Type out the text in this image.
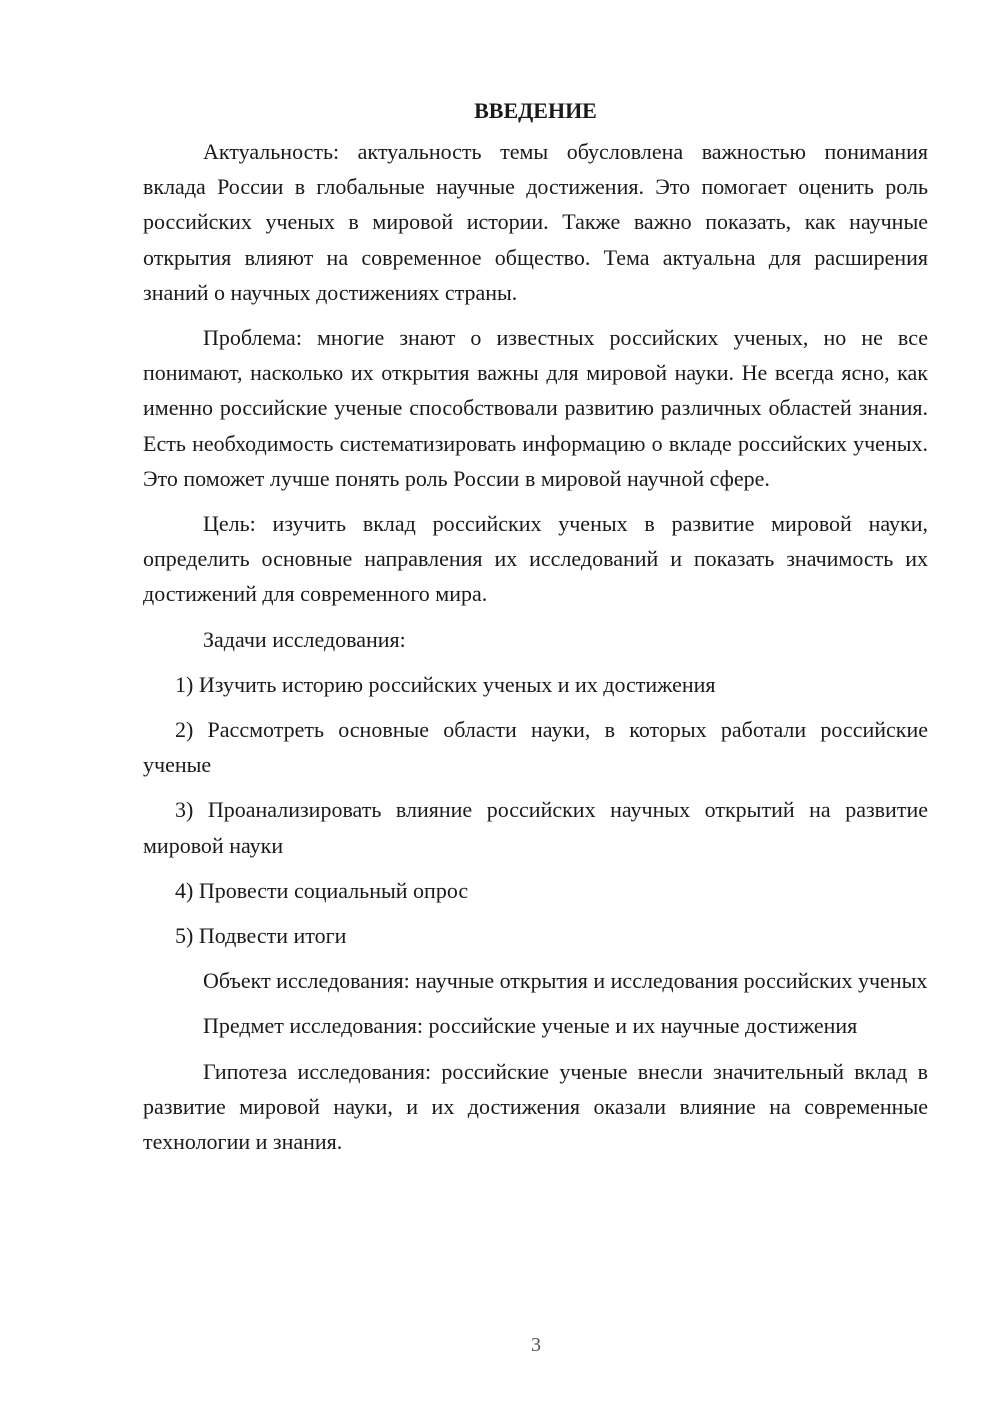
ВВЕДЕНИЕ

Актуальность: актуальность темы обусловлена важностью понимания вклада России в глобальные научные достижения. Это помогает оценить роль российских ученых в мировой истории. Также важно показать, как научные открытия влияют на современное общество. Тема актуальна для расширения знаний о научных достижениях страны.

Проблема: многие знают о известных российских ученых, но не все понимают, насколько их открытия важны для мировой науки. Не всегда ясно, как именно российские ученые способствовали развитию различных областей знания. Есть необходимость систематизировать информацию о вкладе российских ученых. Это поможет лучше понять роль России в мировой научной сфере.

Цель: изучить вклад российских ученых в развитие мировой науки, определить основные направления их исследований и показать значимость их достижений для современного мира.

Задачи исследования:

1) Изучить историю российских ученых и их достижения

2) Рассмотреть основные области науки, в которых работали российские ученые

3) Проанализировать влияние российских научных открытий на развитие мировой науки

4) Провести социальный опрос

5) Подвести итоги

Объект исследования: научные открытия и исследования российских ученых

Предмет исследования: российские ученые и их научные достижения

Гипотеза исследования: российские ученые внесли значительный вклад в развитие мировой науки, и их достижения оказали влияние на современные технологии и знания.

3
